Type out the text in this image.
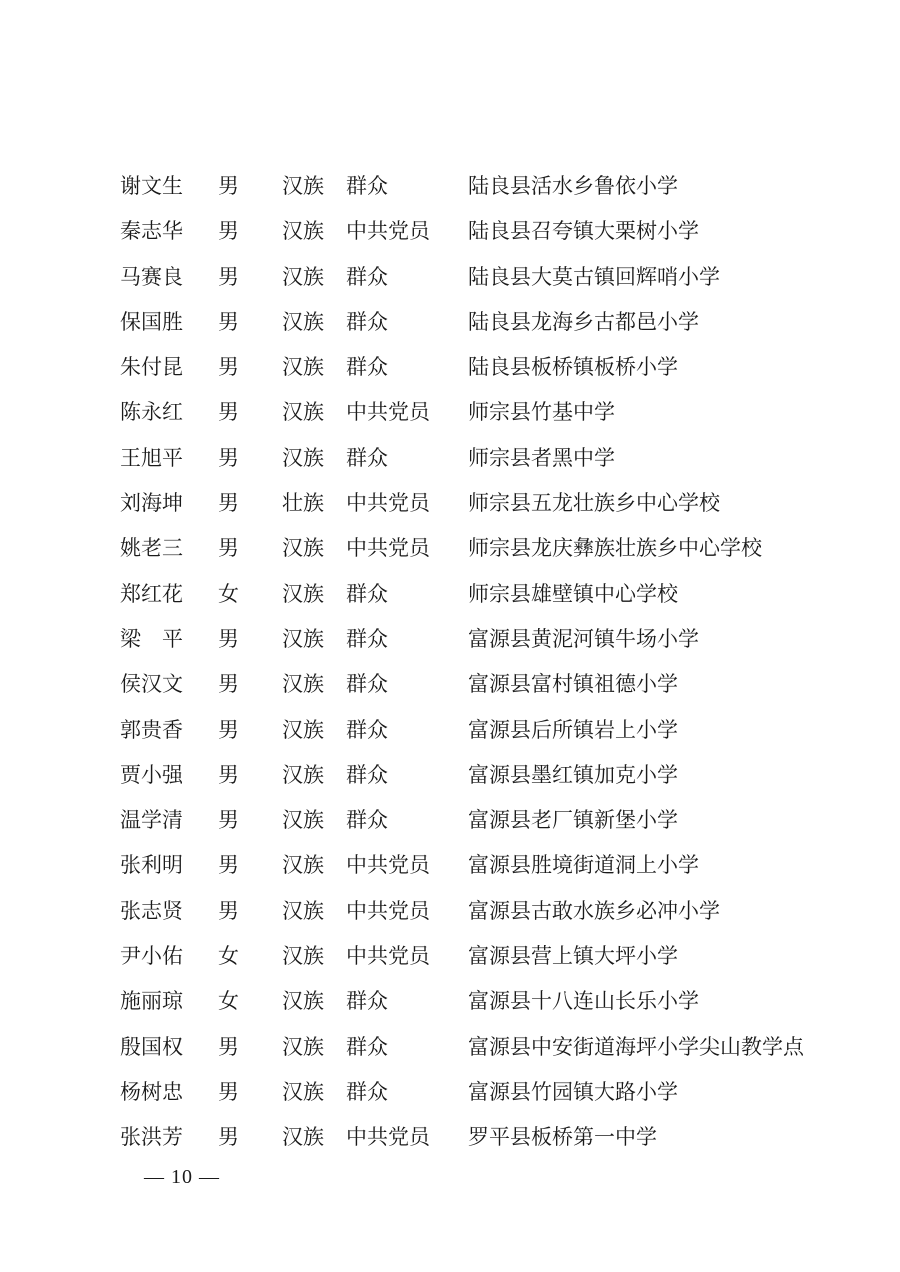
谢文生	男 汉族 群众	陆良县活水乡鲁依小学
秦志华	男 汉族 中共党员 陆良县召夸镇大栗树小学
马赛良	男 汉族 群众	陆良县大莫古镇回辉哨小学
保国胜	男 汉族 群众	陆良县龙海乡古都邑小学
朱付昆	男 汉族 群众	陆良县板桥镇板桥小学
陈永红	男 汉族 中共党员 师宗县竹基中学
王旭平	男 汉族 群众	师宗县者黑中学
刘海坤	男 壮族 中共党员 师宗县五龙壮族乡中心学校
姚老三	男 汉族 中共党员 师宗县龙庆彝族壮族乡中心学校
郑红花	女 汉族 群众	师宗县雄壁镇中心学校
梁　平	男 汉族 群众	富源县黄泥河镇牛场小学
侯汉文	男 汉族 群众	富源县富村镇祖德小学
郭贵香	男 汉族 群众	富源县后所镇岩上小学
贾小强	男 汉族 群众	富源县墨红镇加克小学
温学清	男 汉族 群众	富源县老厂镇新堡小学
张利明	男 汉族 中共党员 富源县胜境街道洞上小学
张志贤	男 汉族 中共党员 富源县古敢水族乡必冲小学
尹小佑	女 汉族 中共党员 富源县营上镇大坪小学
施丽琼	女 汉族 群众	富源县十八连山长乐小学
殷国权	男 汉族 群众	富源县中安街道海坪小学尖山教学点
杨树忠	男 汉族 群众	富源县竹园镇大路小学
张洪芳	男 汉族 中共党员 罗平县板桥第一中学
— 10 —
